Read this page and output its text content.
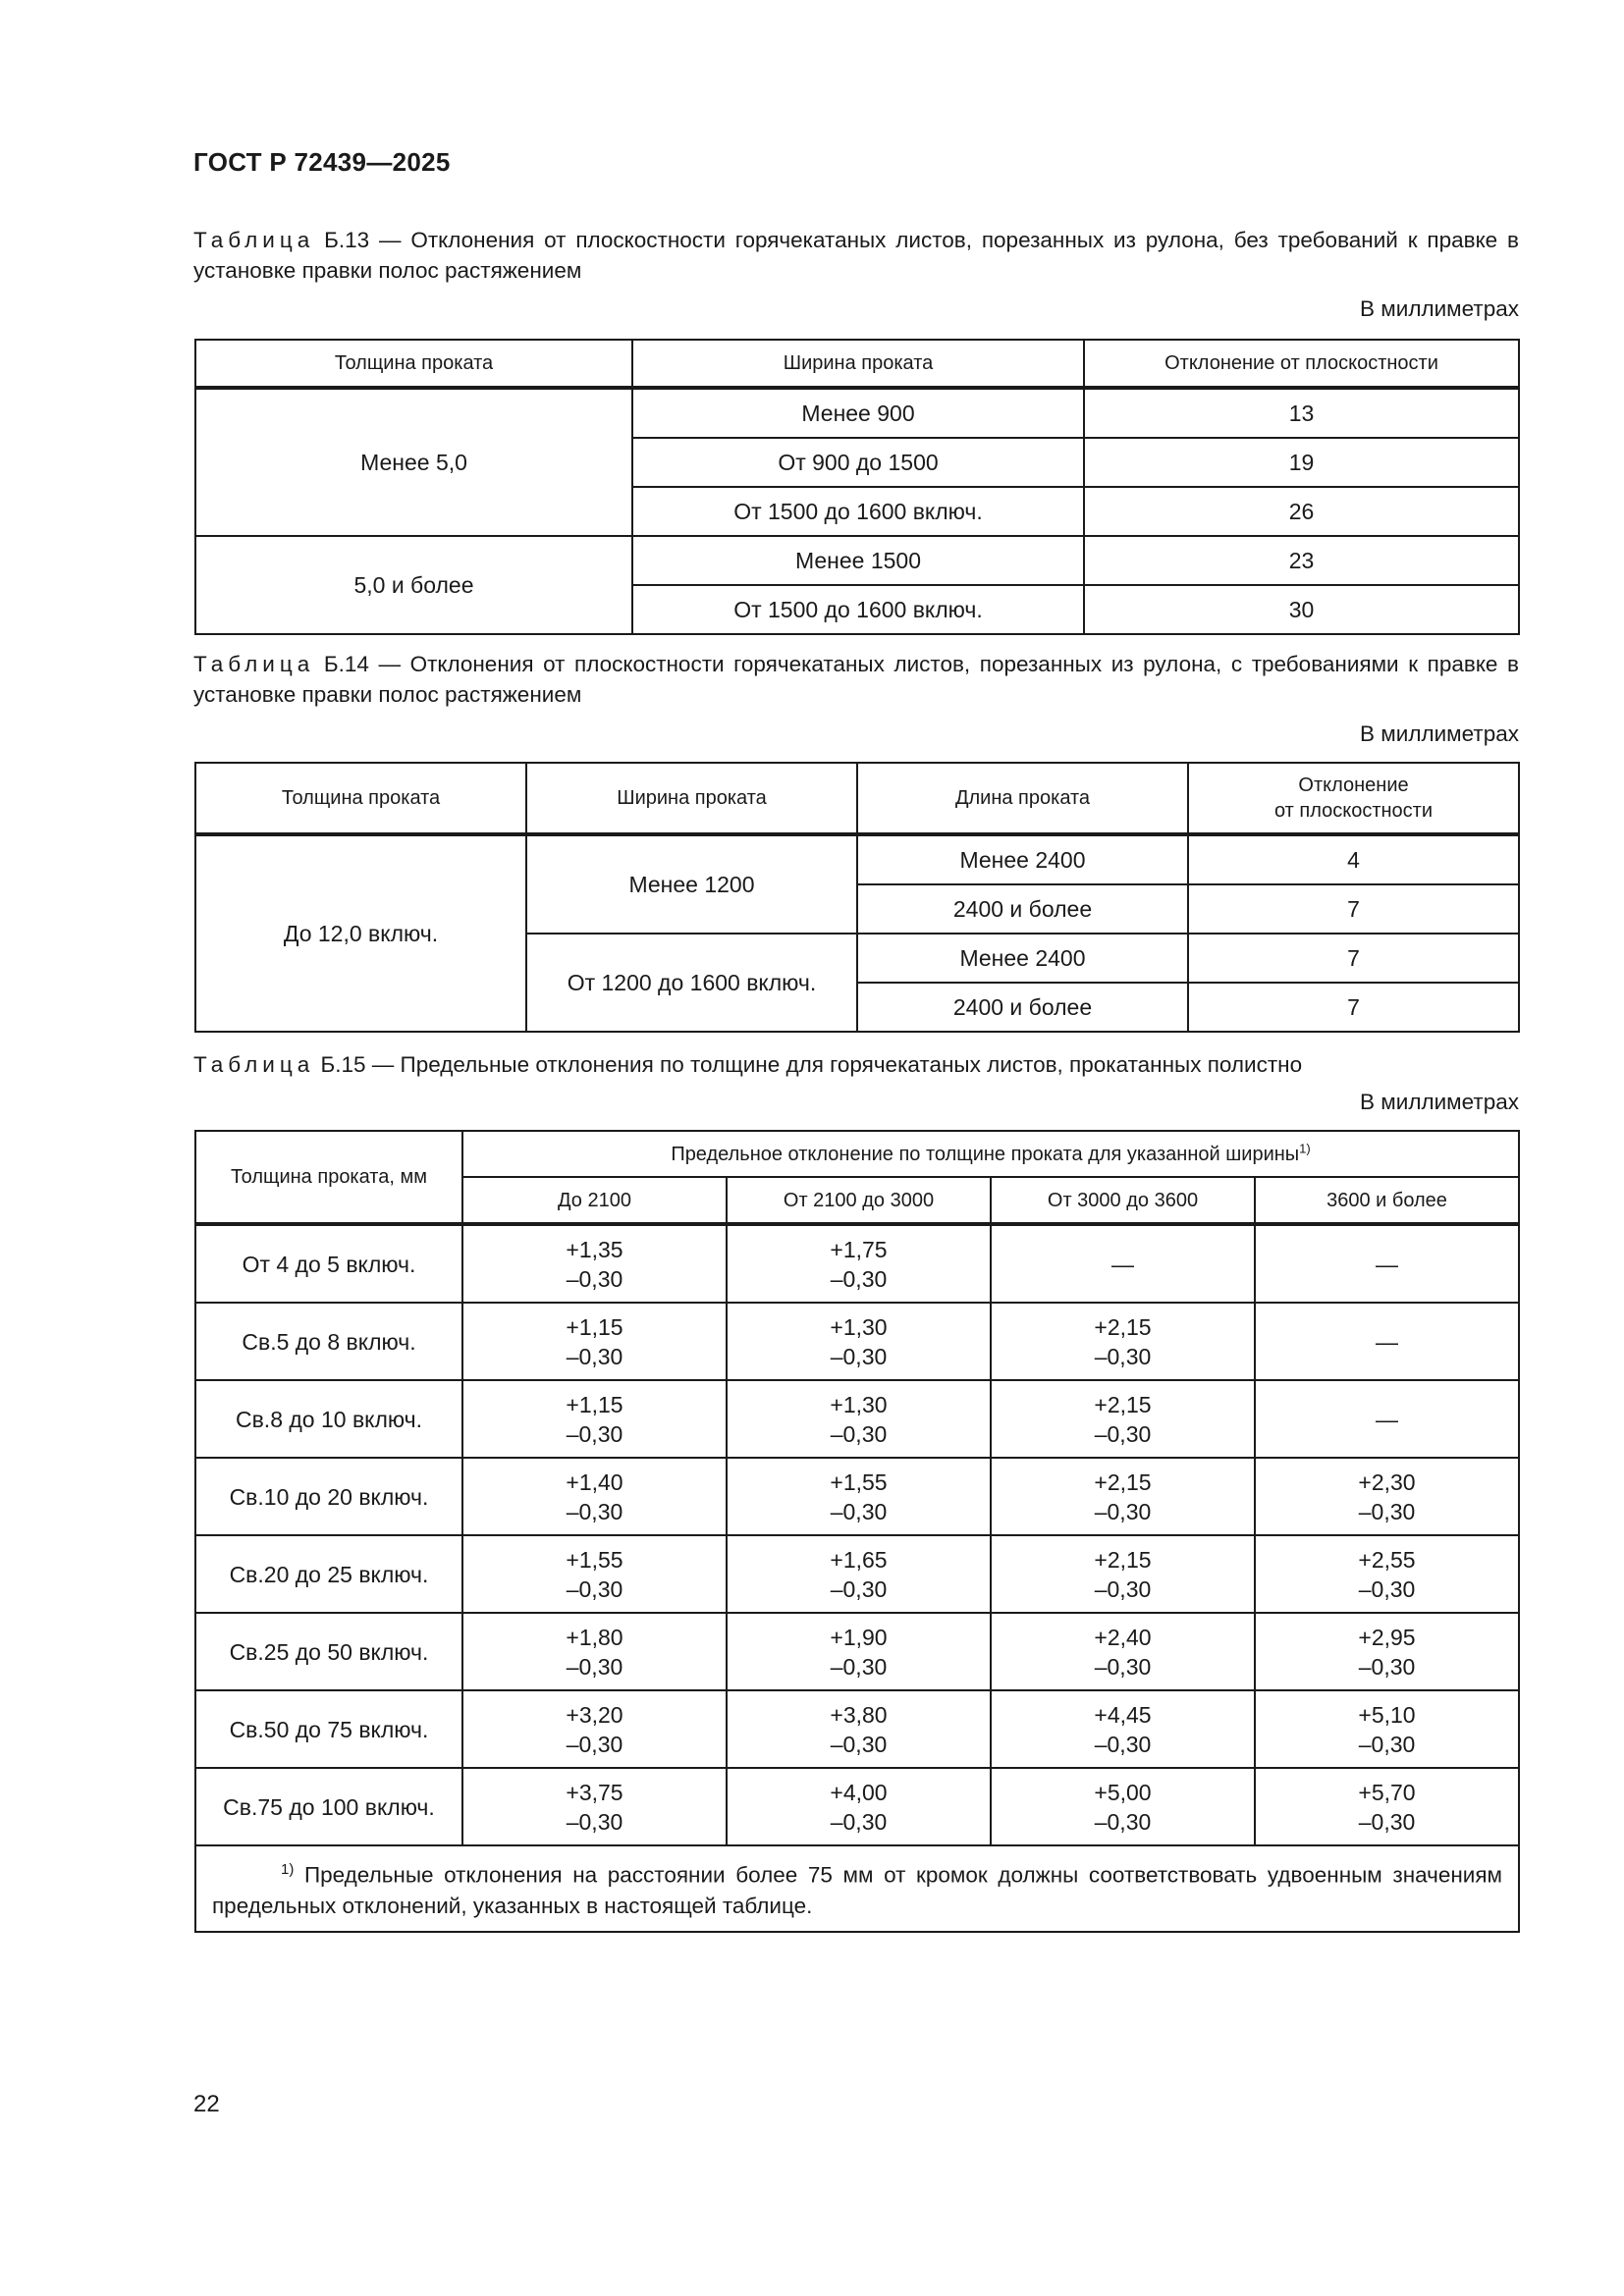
ГОСТ Р 72439—2025
Таблица Б.13 — Отклонения от плоскостности горячекатаных листов, порезанных из рулона, без требований к правке в установке правки полос растяжением
В миллиметрах
Толщина проката	Ширина проката	Отклонение от плоскостности
Менее 5,0	Менее 900	13
	От 900 до 1500	19
	От 1500 до 1600 включ.	26
5,0 и более	Менее 1500	23
	От 1500 до 1600 включ.	30
Таблица Б.14 — Отклонения от плоскостности горячекатаных листов, порезанных из рулона, с требованиями к правке в установке правки полос растяжением
В миллиметрах
Толщина проката	Ширина проката	Длина проката	Отклонение
от плоскостности
До 12,0 включ.	Менее 1200	Менее 2400	4
		2400 и более	7
	От 1200 до 1600 включ.	Менее 2400	7
		2400 и более	7
Таблица Б.15 — Предельные отклонения по толщине для горячекатаных листов, прокатанных полистно
В миллиметрах
Толщина проката, мм	Предельное отклонение по толщине проката для указанной ширины$^{1)}$
	До 2100	От 2100 до 3000	От 3000 до 3600	3600 и более
От 4 до 5 включ.	+1,35
–0,30	+1,75
–0,30	—	—
Св.5 до 8 включ.	+1,15
–0,30	+1,30
–0,30	+2,15
–0,30	—
Св.8 до 10 включ.	+1,15
–0,30	+1,30
–0,30	+2,15
–0,30	—
Св.10 до 20 включ.	+1,40
–0,30	+1,55
–0,30	+2,15
–0,30	+2,30
–0,30
Св.20 до 25 включ.	+1,55
–0,30	+1,65
–0,30	+2,15
–0,30	+2,55
–0,30
Св.25 до 50 включ.	+1,80
–0,30	+1,90
–0,30	+2,40
–0,30	+2,95
–0,30
Св.50 до 75 включ.	+3,20
–0,30	+3,80
–0,30	+4,45
–0,30	+5,10
–0,30
Св.75 до 100 включ.	+3,75
–0,30	+4,00
–0,30	+5,00
–0,30	+5,70
–0,30
$^{1)}$ Предельные отклонения на расстоянии более 75 мм от кромок должны соответствовать удвоенным значениям предельных отклонений, указанных в настоящей таблице.				
22
